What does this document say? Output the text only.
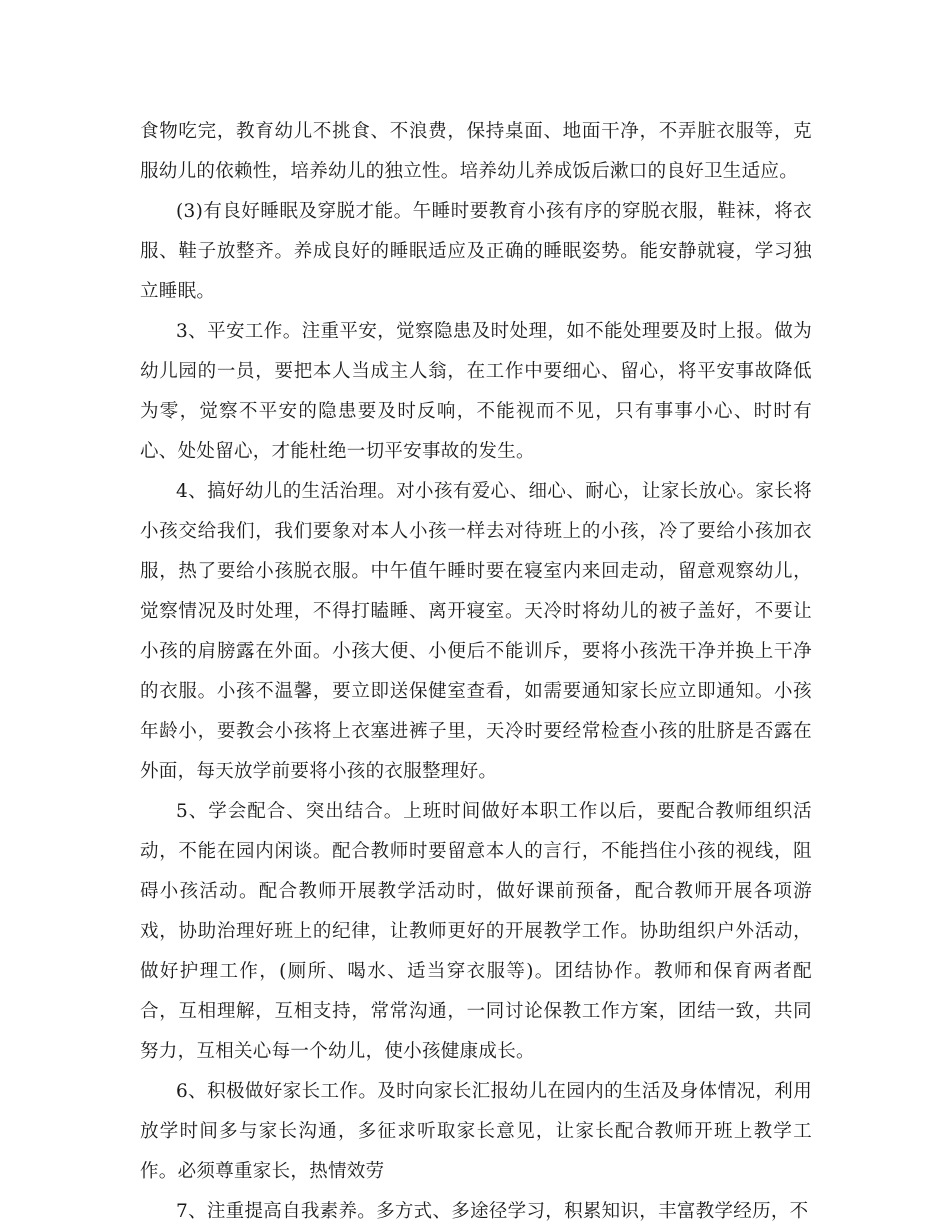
食物吃完，教育幼儿不挑食、不浪费，保持桌面、地面干净，不弄脏衣服等，克服幼儿的依赖性，培养幼儿的独立性。培养幼儿养成饭后漱口的良好卫生适应。

(3)有良好睡眠及穿脱才能。午睡时要教育小孩有序的穿脱衣服，鞋袜，将衣服、鞋子放整齐。养成良好的睡眠适应及正确的睡眠姿势。能安静就寝，学习独立睡眠。

3、平安工作。注重平安，觉察隐患及时处理，如不能处理要及时上报。做为幼儿园的一员，要把本人当成主人翁，在工作中要细心、留心，将平安事故降低为零，觉察不平安的隐患要及时反响，不能视而不见，只有事事小心、时时有心、处处留心，才能杜绝一切平安事故的发生。

4、搞好幼儿的生活治理。对小孩有爱心、细心、耐心，让家长放心。家长将小孩交给我们，我们要象对本人小孩一样去对待班上的小孩，冷了要给小孩加衣服，热了要给小孩脱衣服。中午值午睡时要在寝室内来回走动，留意观察幼儿，觉察情况及时处理，不得打瞌睡、离开寝室。天冷时将幼儿的被子盖好，不要让小孩的肩膀露在外面。小孩大便、小便后不能训斥，要将小孩洗干净并换上干净的衣服。小孩不温馨，要立即送保健室查看，如需要通知家长应立即通知。小孩年龄小，要教会小孩将上衣塞进裤子里，天冷时要经常检查小孩的肚脐是否露在外面，每天放学前要将小孩的衣服整理好。

5、学会配合、突出结合。上班时间做好本职工作以后，要配合教师组织活动，不能在园内闲谈。配合教师时要留意本人的言行，不能挡住小孩的视线，阻碍小孩活动。配合教师开展教学活动时，做好课前预备，配合教师开展各项游戏，协助治理好班上的纪律，让教师更好的开展教学工作。协助组织户外活动，做好护理工作，(厕所、喝水、适当穿衣服等)。团结协作。教师和保育两者配合，互相理解，互相支持，常常沟通，一同讨论保教工作方案，团结一致，共同努力，互相关心每一个幼儿，使小孩健康成长。

6、积极做好家长工作。及时向家长汇报幼儿在园内的生活及身体情况，利用放学时间多与家长沟通，多征求听取家长意见，让家长配合教师开班上教学工作。必须尊重家长，热情效劳

7、注重提高自我素养。多方式、多途径学习，积累知识，丰富教学经历，不
